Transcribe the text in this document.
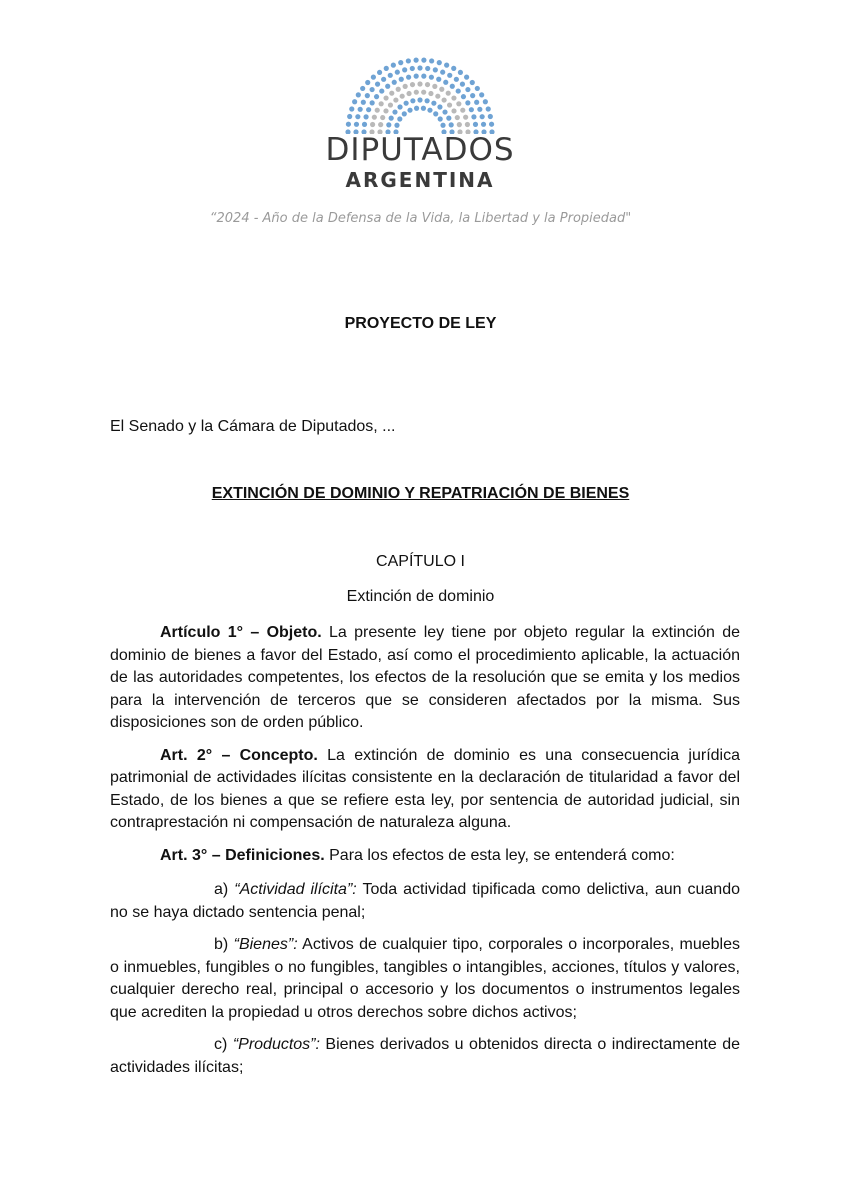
DIPUTADOS
ARGENTINA
“2024 - Año de la Defensa de la Vida, la Libertad y la Propiedad"
PROYECTO DE LEY
El Senado y la Cámara de Diputados, ...
EXTINCIÓN DE DOMINIO Y REPATRIACIÓN DE BIENES
CAPÍTULO I
Extinción de dominio

Artículo 1° – Objeto. La presente ley tiene por objeto regular la extinción de dominio de bienes a favor del Estado, así como el procedimiento aplicable, la actuación de las autoridades competentes, los efectos de la resolución que se emita y los medios para la intervención de terceros que se consideren afectados por la misma. Sus disposiciones son de orden público.

Art. 2° – Concepto. La extinción de dominio es una consecuencia jurídica patrimonial de actividades ilícitas consistente en la declaración de titularidad a favor del Estado, de los bienes a que se refiere esta ley, por sentencia de autoridad judicial, sin contraprestación ni compensación de naturaleza alguna.

Art. 3° – Definiciones. Para los efectos de esta ley, se entenderá como:

a) “Actividad ilícita”: Toda actividad tipificada como delictiva, aun cuando no se haya dictado sentencia penal;

b) “Bienes”: Activos de cualquier tipo, corporales o incorporales, muebles o inmuebles, fungibles o no fungibles, tangibles o intangibles, acciones, títulos y valores, cualquier derecho real, principal o accesorio y los documentos o instrumentos legales que acrediten la propiedad u otros derechos sobre dichos activos;

c) “Productos”: Bienes derivados u obtenidos directa o indirectamente de actividades ilícitas;
